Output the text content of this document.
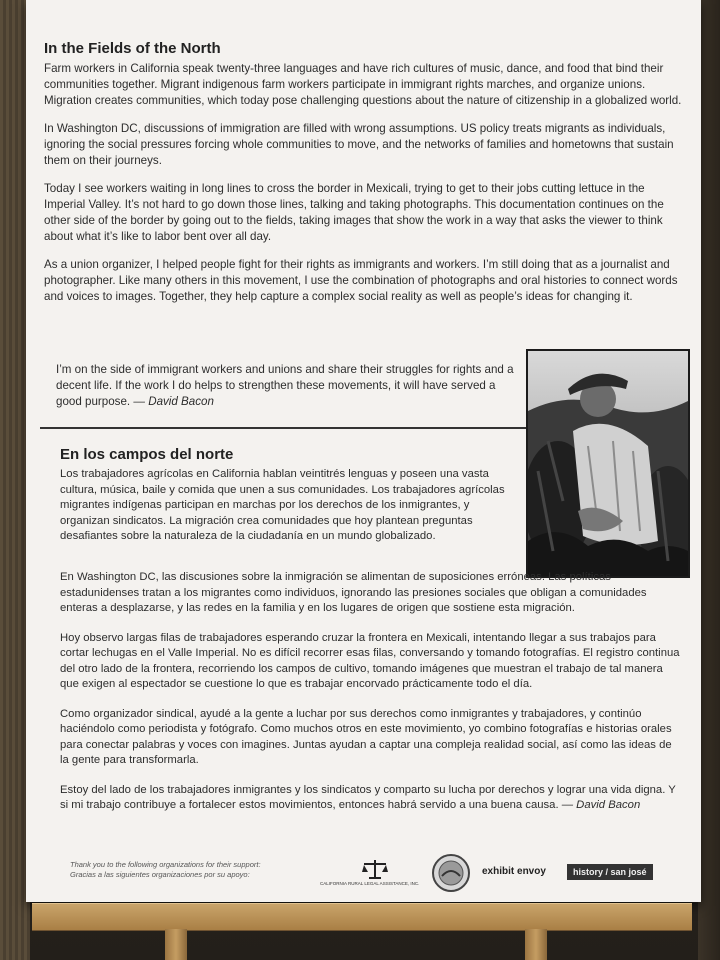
In the Fields of the North

Farm workers in California speak twenty-three languages and have rich cultures of music, dance, and food that bind their communities together. Migrant indigenous farm workers participate in immigrant rights marches, and organize unions. Migration creates communities, which today pose challenging questions about the nature of citizenship in a globalized world.

In Washington DC, discussions of immigration are filled with wrong assumptions. US policy treats migrants as individuals, ignoring the social pressures forcing whole communities to move, and the networks of families and hometowns that sustain them on their journeys.

Today I see workers waiting in long lines to cross the border in Mexicali, trying to get to their jobs cutting lettuce in the Imperial Valley. It’s not hard to go down those lines, talking and taking photographs. This documentation continues on the other side of the border by going out to the fields, taking images that show the work in a way that asks the viewer to think about what it’s like to labor bent over all day.

As a union organizer, I helped people fight for their rights as immigrants and workers. I’m still doing that as a journalist and photographer. Like many others in this movement, I use the combination of photographs and oral histories to connect words and voices to images. Together, they help capture a complex social reality as well as people’s ideas for changing it.

I’m on the side of immigrant workers and unions and share their struggles for rights and a decent life. If the work I do helps to strengthen these movements, it will have served a good purpose. — David Bacon

En los campos del norte

Los trabajadores agrícolas en California hablan veintitrés lenguas y poseen una vasta cultura, música, baile y comida que unen a sus comunidades. Los trabajadores agrícolas migrantes indígenas participan en marchas por los derechos de los inmigrantes, y organizan sindicatos. La migración crea comunidades que hoy plantean preguntas desafiantes sobre la naturaleza de la ciudadanía en un mundo globalizado.

En Washington DC, las discusiones sobre la inmigración se alimentan de suposiciones erróneas. Las políticas estadunidenses tratan a los migrantes como individuos, ignorando las presiones sociales que obligan a comunidades enteras a desplazarse, y las redes en la familia y en los lugares de origen que sostiene esta migración.

Hoy observo largas filas de trabajadores esperando cruzar la frontera en Mexicali, intentando llegar a sus trabajos para cortar lechugas en el Valle Imperial. No es difícil recorrer esas filas, conversando y tomando fotografías. El registro continua del otro lado de la frontera, recorriendo los campos de cultivo, tomando imágenes que muestran el trabajo de tal manera que exigen al espectador se cuestione lo que es trabajar encorvado prácticamente todo el día.

Como organizador sindical, ayudé a la gente a luchar por sus derechos como inmigrantes y trabajadores, y continúo haciéndolo como periodista y fotógrafo. Como muchos otros en este movimiento, yo combino fotografías e historias orales para conectar palabras y voces con imagines. Juntas ayudan a captar una compleja realidad social, así como las ideas de la gente para transformarla.

Estoy del lado de los trabajadores inmigrantes y los sindicatos y comparto su lucha por derechos y lograr una vida digna. Y si mi trabajo contribuye a fortalecer estos movimientos, entonces habrá servido a una buena causa. — David Bacon

Thank you to the following organizations for their support:
Gracias a las siguientes organizaciones por su apoyo:
CALIFORNIA RURAL LEGAL ASSISTANCE, INC.
exhibit envoy	history / san josé
